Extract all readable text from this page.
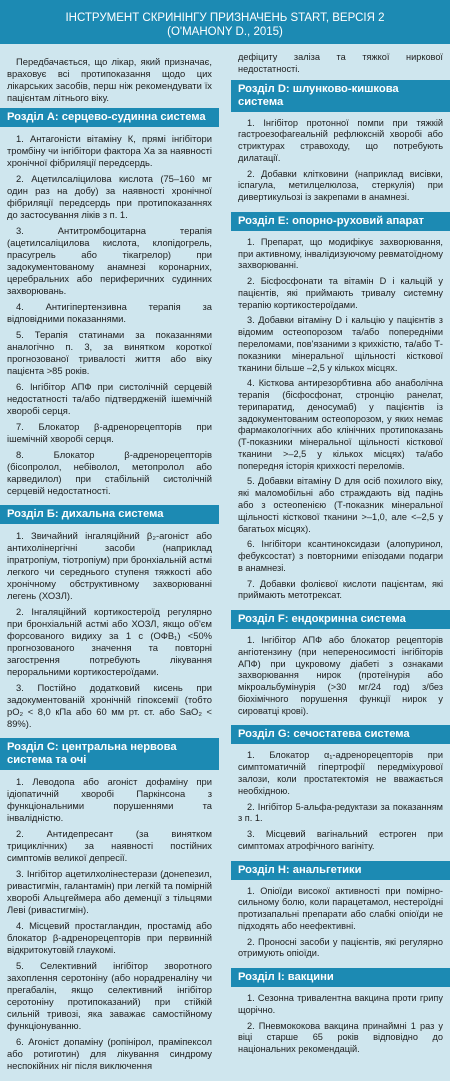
ІНСТРУМЕНТ СКРИНІНГУ ПРИЗНАЧЕНЬ START, ВЕРСІЯ 2
(O'MAHONY D., 2015)

Передбачається, що лікар, який призначає, враховує всі протипоказання щодо цих лікарських засобів, перш ніж рекомендувати їх пацієнтам літнього віку.

Розділ А: серцево-судинна система

1. Антагоністи вітаміну К, прямі інгібітори тромбіну чи інгібітори фактора Ха за наявності хронічної фібриляції передсердь.

2. Ацетилсаліцилова кислота (75–160 мг один раз на добу) за наявності хронічної фібриляції передсердь при протипоказаннях до застосування ліків з п. 1.

3. Антитромбоцитарна терапія (ацетилсаліцилова кислота, клопідогрель, прасугрель або тікагрелор) при задокументованому анамнезі коронарних, церебральних або периферичних судинних захворювань.

4. Антигіпертензивна терапія за відповідними показаннями.

5. Терапія статинами за показаннями аналогічно п. 3, за винятком короткої прогнозованої тривалості життя або віку пацієнта >85 років.

6. Інгібітор АПФ при систолічній серцевій недостатності та/або підтвердженій ішемічній хворобі серця.

7. Блокатор β-адренорецепторів при ішемічній хворобі серця.

8. Блокатор β-адренорецепторів (бісопролол, небіволол, метопролол або карведилол) при стабільній систолічній серцевій недостатності.

Розділ Б: дихальна система

1. Звичайний інгаляційний β₂-агоніст або антихолінергічні засоби (наприклад іпратропіум, тіотропіум) при бронхіальній астмі легкого чи середнього ступеня тяжкості або хронічному обструктивному захворюванні легень (ХОЗЛ).

2. Інгаляційний кортикостероїд регулярно при бронхіальній астмі або ХОЗЛ, якщо об'єм форсованого видиху за 1 с (ОФВ₁) <50% прогнозованого значення та повторні загострення потребують лікування пероральними кортикостероїдами.

3. Постійно додатковий кисень при задокументованій хронічній гіпоксемії (тобто pO₂ < 8,0 кПа або 60 мм рт. ст. або SaO₂ < 89%).

Розділ C: центральна нервова система та очі

1. Леводопа або агоніст дофаміну при ідіопатичній хворобі Паркінсона з функціональними порушеннями та інвалідністю.

2. Антидепресант (за винятком трициклічних) за наявності постійних симптомів великої депресії.

3. Інгібітор ацетилхолінестерази (донепезил, ривастигмін, галантамін) при легкій та помірній хворобі Альцгеймера або деменції з тільцями Леві (ривастигмін).

4. Місцевий простагландин, простамід або блокатор β-адренорецепторів при первинній відкритокутовій глаукомі.

5. Селективний інгібітор зворотного захоплення серотоніну (або норадреналіну чи прегабалін, якщо селективний інгібітор серотоніну протипоказаний) при стійкій сильній тривозі, яка заважає самостійному функціонуванню.

6. Агоніст допаміну (ропінірол, праміпексол або ротиготин) для лікування синдрому неспокійних ніг після виключення

дефіциту заліза та тяжкої ниркової недостатності.

Розділ D: шлунково-кишкова система

1. Інгібітор протонної помпи при тяжкій гастроезофагеальній рефлюксній хворобі або стриктурах стравоходу, що потребують дилатації.

2. Добавки клітковини (наприклад висівки, іспагула, метилцелюлоза, стеркулія) при дивертикульозі із закрепами в анамнезі.

Розділ E: опорно-руховий апарат

1. Препарат, що модифікує захворювання, при активному, інвалідизуючому ревматоїдному захворюванні.

2. Бісфосфонати та вітамін D і кальцій у пацієнтів, які приймають тривалу системну терапію кортикостероїдами.

3. Добавки вітаміну D і кальцію у пацієнтів з відомим остеопорозом та/або попередніми переломами, пов'язаними з крихкістю, та/або Т-показники мінеральної щільності кісткової тканини більше –2,5 у кількох місцях.

4. Кісткова антирезорбтивна або анаболічна терапія (бісфосфонат, стронцію ранелат, терипаратид, деносумаб) у пацієнтів із задокументованим остеопорозом, у яких немає фармакологічних або клінічних протипоказань (Т-показники мінеральної щільності кісткової тканини >–2,5 у кількох місцях) та/або попередня історія крихкості переломів.

5. Добавки вітаміну D для осіб похилого віку, які маломобільні або страждають від падінь або з остеопенією (Т-показник мінеральної щільності кісткової тканини >–1,0, але <–2,5 у багатьох місцях).

6. Інгібітори ксантиноксидази (алопуринол, фебуксостат) з повторними епізодами подагри в анамнезі.

7. Добавки фолієвої кислоти пацієнтам, які приймають метотрексат.

Розділ F: ендокринна система

1. Інгібітор АПФ або блокатор рецепторів ангіотензину (при непереносимості інгібіторів АПФ) при цукровому діабеті з ознаками захворювання нирок (протеїнурія або мікроальбумінурія (>30 мг/24 год) з/без біохімічного порушення функції нирок у сироватці крові).

Розділ G: сечостатева система

1. Блокатор α₁-адренорецепторів при симптоматичній гіпертрофії передміхурової залози, коли простатектомія не вважається необхідною.

2. Інгібітор 5-альфа-редуктази за показанням з п. 1.

3. Місцевий вагінальний естроген при симптомах атрофічного вагініту.

Розділ H: анальгетики

1. Опіоїди високої активності при помірно-сильному болю, коли парацетамол, нестероїдні протизапальні препарати або слабкі опіоїди не підходять або неефективні.

2. Проносні засоби у пацієнтів, які регулярно отримують опіоїди.

Розділ I: вакцини

1. Сезонна тривалентна вакцина проти грипу щорічно.

2. Пневмококова вакцина принаймні 1 раз у віці старше 65 років відповідно до національних рекомендацій.
